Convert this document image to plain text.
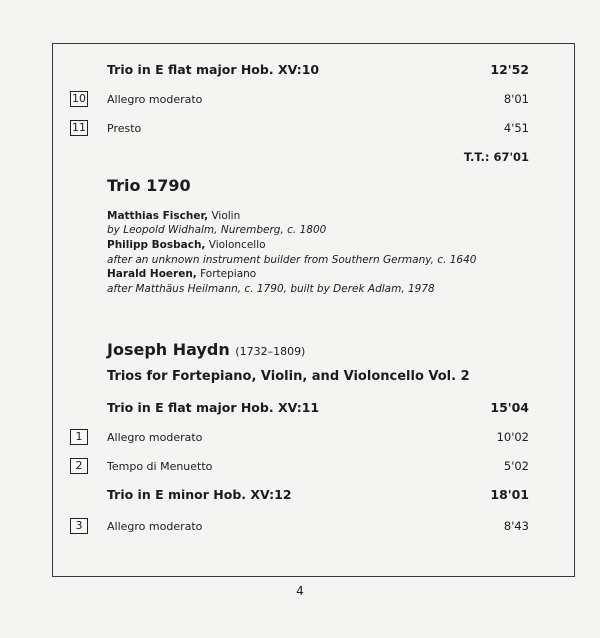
Trio in E flat major Hob. XV:10	12'52
10 Allegro moderato	8'01
11 Presto	4'51
T.T.: 67'01
Trio 1790
Matthias Fischer, Violin
by Leopold Widhalm, Nuremberg, c. 1800
Philipp Bosbach, Violoncello
after an unknown instrument builder from Southern Germany, c. 1640
Harald Hoeren, Fortepiano
after Matthäus Heilmann, c. 1790, built by Derek Adlam, 1978
Joseph Haydn (1732–1809)
Trios for Fortepiano, Violin, and Violoncello Vol. 2
Trio in E flat major Hob. XV:11	15'04
1	Allegro moderato	10'02
2	Tempo di Menuetto	5'02
Trio in E minor Hob. XV:12	18'01
3	Allegro moderato	8'43
4
